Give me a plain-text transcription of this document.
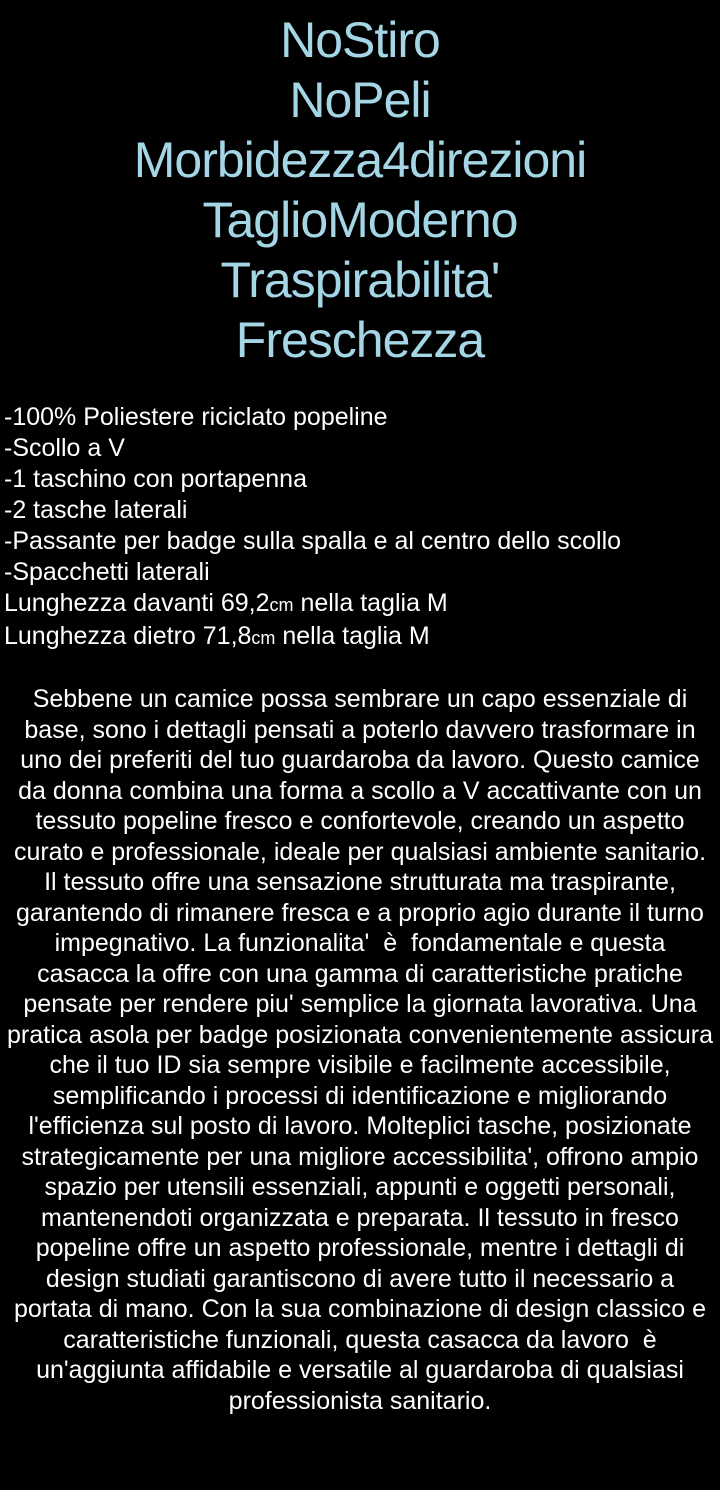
NoStiro
NoPeli
Morbidezza4direzioni
TaglioModerno
Traspirabilita'
Freschezza
-100% Poliestere riciclato popeline
-Scollo a V
-1 taschino con portapenna
-2 tasche laterali
-Passante per badge sulla spalla e al centro dello scollo
-Spacchetti laterali
Lunghezza davanti 69,2cm nella taglia M
Lunghezza dietro 71,8cm nella taglia M
Sebbene un camice possa sembrare un capo essenziale di base, sono i dettagli pensati a poterlo davvero trasformare in uno dei preferiti del tuo guardaroba da lavoro. Questo camice da donna combina una forma a scollo a V accattivante con un tessuto popeline fresco e confortevole, creando un aspetto curato e professionale, ideale per qualsiasi ambiente sanitario. Il tessuto offre una sensazione strutturata ma traspirante, garantendo di rimanere fresca e a proprio agio durante il turno impegnativo. La funzionalita'  è  fondamentale e questa casacca la offre con una gamma di caratteristiche pratiche pensate per rendere piu' semplice la giornata lavorativa. Una pratica asola per badge posizionata convenientemente assicura che il tuo ID sia sempre visibile e facilmente accessibile, semplificando i processi di identificazione e migliorando l'efficienza sul posto di lavoro. Molteplici tasche, posizionate strategicamente per una migliore accessibilita', offrono ampio spazio per utensili essenziali, appunti e oggetti personali, mantenendoti organizzata e preparata. Il tessuto in fresco popeline offre un aspetto professionale, mentre i dettagli di design studiati garantiscono di avere tutto il necessario a portata di mano. Con la sua combinazione di design classico e caratteristiche funzionali, questa casacca da lavoro  è  un'aggiunta affidabile e versatile al guardaroba di qualsiasi professionista sanitario.
